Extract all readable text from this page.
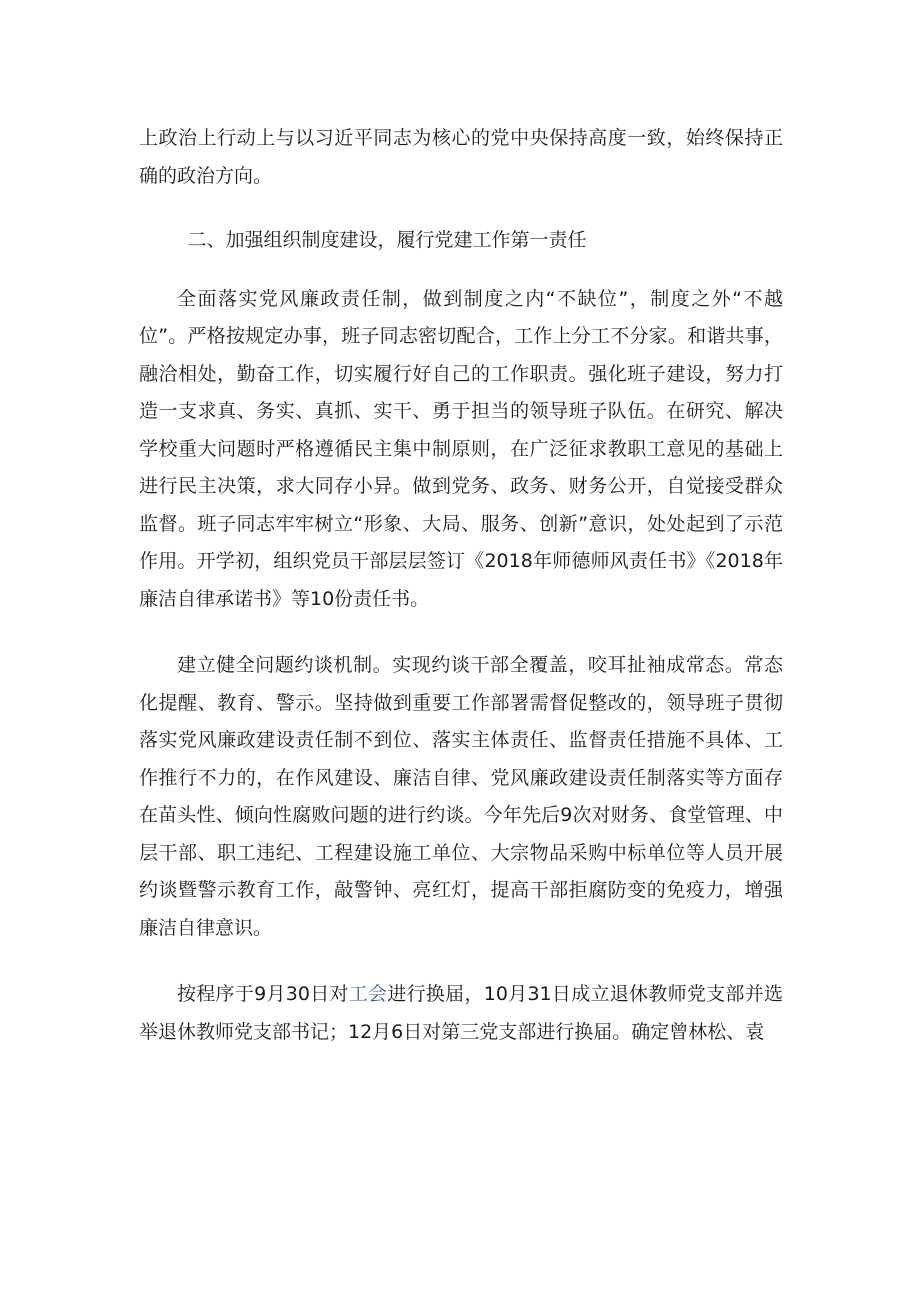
上政治上行动上与以习近平同志为核心的党中央保持高度一致，始终保持正确的政治方向。

二、加强组织制度建设，履行党建工作第一责任

全面落实党风廉政责任制，做到制度之内“不缺位”，制度之外“不越位”。严格按规定办事，班子同志密切配合，工作上分工不分家。和谐共事，融洽相处，勤奋工作，切实履行好自己的工作职责。强化班子建设，努力打造一支求真、务实、真抓、实干、勇于担当的领导班子队伍。在研究、解决学校重大问题时严格遵循民主集中制原则，在广泛征求教职工意见的基础上进行民主决策，求大同存小异。做到党务、政务、财务公开，自觉接受群众监督。班子同志牢牢树立“形象、大局、服务、创新”意识，处处起到了示范作用。开学初，组织党员干部层层签订《2018年师德师风责任书》《2018年廉洁自律承诺书》等10份责任书。

建立健全问题约谈机制。实现约谈干部全覆盖，咬耳扯袖成常态。常态化提醒、教育、警示。坚持做到重要工作部署需督促整改的，领导班子贯彻落实党风廉政建设责任制不到位、落实主体责任、监督责任措施不具体、工作推行不力的，在作风建设、廉洁自律、党风廉政建设责任制落实等方面存在苗头性、倾向性腐败问题的进行约谈。今年先后9次对财务、食堂管理、中层干部、职工违纪、工程建设施工单位、大宗物品采购中标单位等人员开展约谈暨警示教育工作，敲警钟、亮红灯，提高干部拒腐防变的免疫力，增强廉洁自律意识。

按程序于9月30日对工会进行换届，10月31日成立退休教师党支部并选举退休教师党支部书记；12月6日对第三党支部进行换届。确定曾林松、袁
